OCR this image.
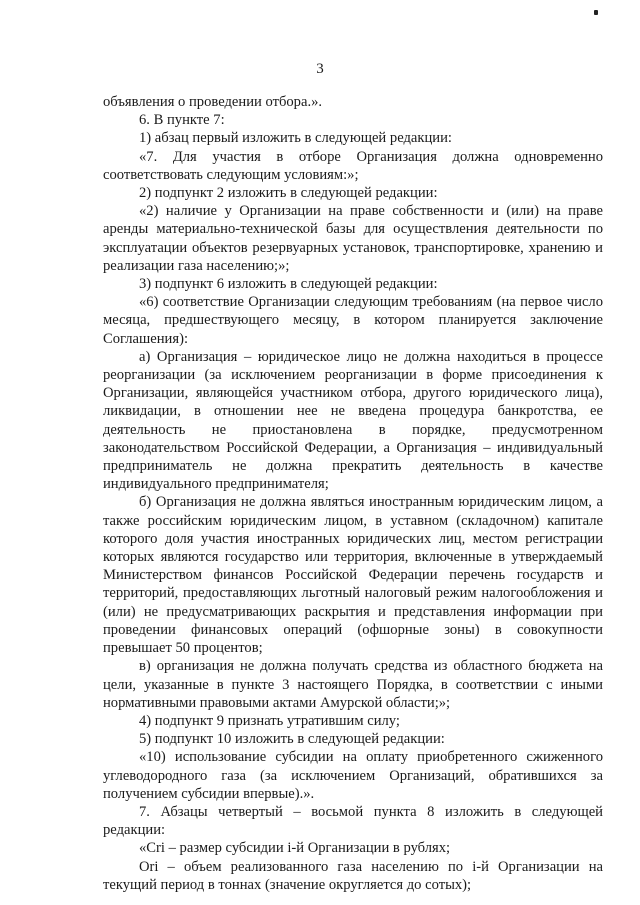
3

объявления о проведении отбора.».

6. В пункте 7:

1) абзац первый изложить в следующей редакции:

«7. Для участия в отборе Организация должна одновременно соответствовать следующим условиям:»;

2) подпункт 2 изложить в следующей редакции:

«2) наличие у Организации на праве собственности и (или) на праве аренды материально-технической базы для осуществления деятельности по эксплуатации объектов резервуарных установок, транспортировке, хранению и реализации газа населению;»;

3) подпункт 6 изложить в следующей редакции:

«6) соответствие Организации следующим требованиям (на первое число месяца, предшествующего месяцу, в котором планируется заключение Соглашения):

а) Организация – юридическое лицо не должна находиться в процессе реорганизации (за исключением реорганизации в форме присоединения к Организации, являющейся участником отбора, другого юридического лица), ликвидации, в отношении нее не введена процедура банкротства, ее деятельность не приостановлена в порядке, предусмотренном законодательством Российской Федерации, а Организация – индивидуальный предприниматель не должна прекратить деятельность в качестве индивидуального предпринимателя;

б) Организация не должна являться иностранным юридическим лицом, а также российским юридическим лицом, в уставном (складочном) капитале которого доля участия иностранных юридических лиц, местом регистрации которых являются государство или территория, включенные в утверждаемый Министерством финансов Российской Федерации перечень государств и территорий, предоставляющих льготный налоговый режим налогообложения и (или) не предусматривающих раскрытия и представления информации при проведении финансовых операций (офшорные зоны) в совокупности превышает 50 процентов;

в) организация не должна получать средства из областного бюджета на цели, указанные в пункте 3 настоящего Порядка, в соответствии с иными нормативными правовыми актами Амурской области;»;

4) подпункт 9 признать утратившим силу;

5) подпункт 10 изложить в следующей редакции:

«10) использование субсидии на оплату приобретенного сжиженного углеводородного газа (за исключением Организаций, обратившихся за получением субсидии впервые).».

7. Абзацы четвертый – восьмой пункта 8 изложить в следующей редакции:

«Сri – размер субсидии i-й Организации в рублях;

Оri – объем реализованного газа населению по i-й Организации на текущий период в тоннах (значение округляется до сотых);
